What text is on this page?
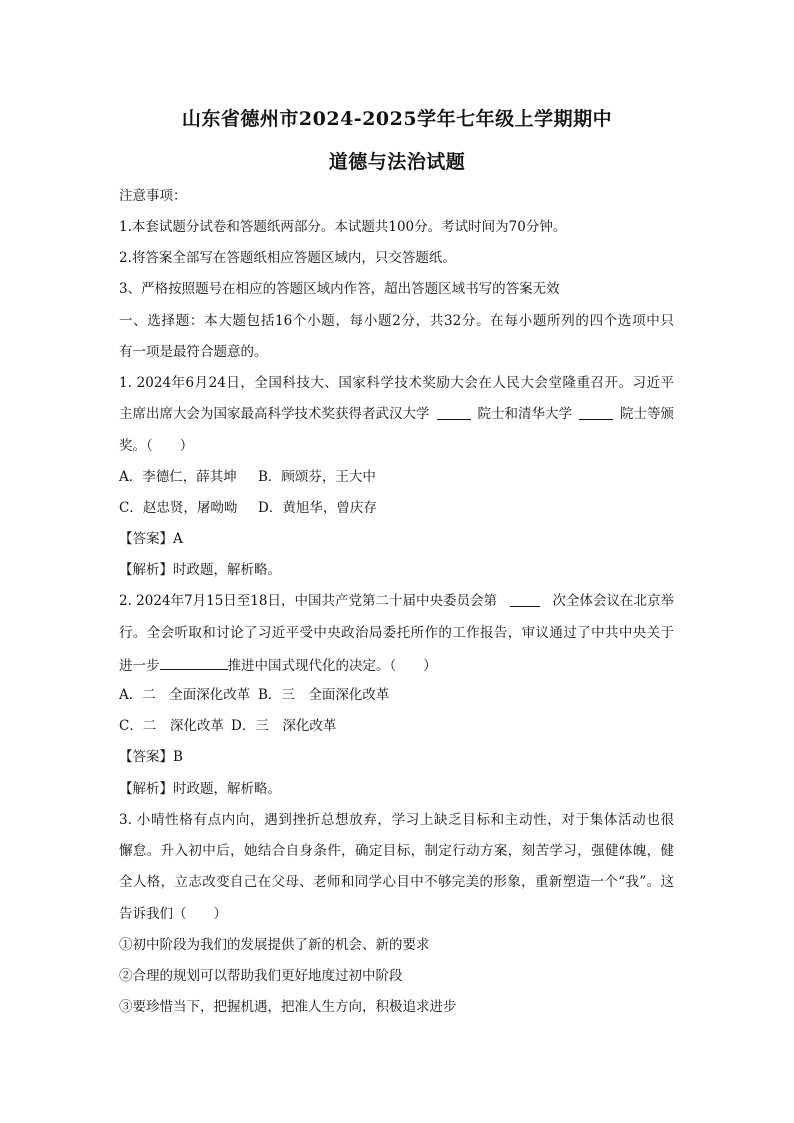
山东省德州市2024-2025学年七年级上学期期中
道德与法治试题
注意事项：
1.本套试题分试卷和答题纸两部分。本试题共100分。考试时间为70分钟。
2.将答案全部写在答题纸相应答题区域内，只交答题纸。
3、严格按照题号在相应的答题区域内作答，超出答题区域书写的答案无效
一、选择题：本大题包括16个小题，每小题2分，共32分。在每小题所列的四个选项中只
有一项是最符合题意的。
1. 2024年6月24日，全国科技大、国家科学技术奖励大会在人民大会堂隆重召开。习近平
主席出席大会为国家最高科学技术奖获得者武汉大学	院士和清华大学	院士等颁
奖。（　　）
A．李德仁，薛其坤 B．顾颂芬，王大中
C．赵忠贤，屠呦呦 D．黄旭华，曾庆存
【答案】A
【解析】时政题，解析略。
2. 2024年7月15日至18日，中国共产党第二十届中央委员会第	次全体会议在北京举
行。全会听取和讨论了习近平受中央政治局委托所作的工作报告，审议通过了中共中央关于
进一步	推进中国式现代化的决定。（　　）
A．二　全面深化改革 B．三　全面深化改革
C．二　深化改革 D．三　深化改革
【答案】B
【解析】时政题，解析略。
3. 小晴性格有点内向，遇到挫折总想放弃，学习上缺乏目标和主动性，对于集体活动也很
懈怠。升入初中后，她结合自身条件，确定目标，制定行动方案，刻苦学习，强健体魄，健
全人格，立志改变自己在父母、老师和同学心目中不够完美的形象，重新塑造一个“我”。这
告诉我们（　　）
①初中阶段为我们的发展提供了新的机会、新的要求
②合理的规划可以帮助我们更好地度过初中阶段
③要珍惜当下，把握机遇，把准人生方向，积极追求进步
